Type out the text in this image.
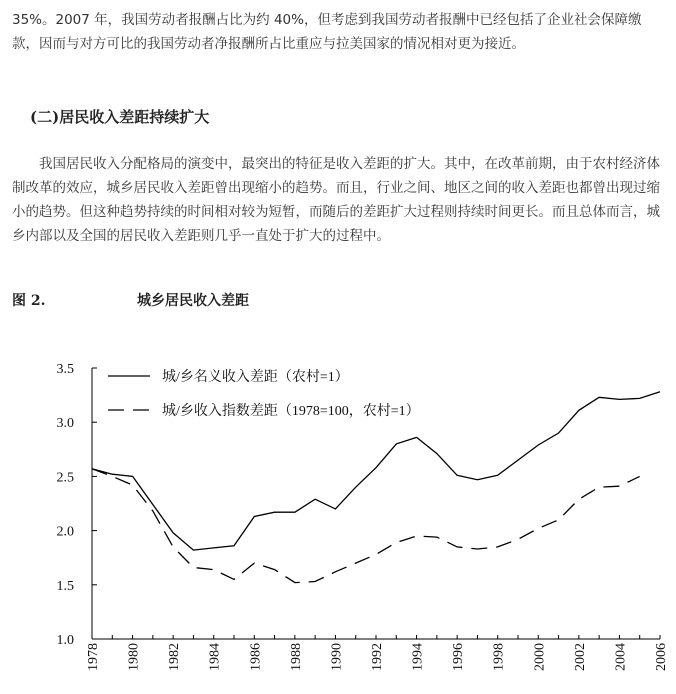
35%。2007 年，我国劳动者报酬占比为约 40%，但考虑到我国劳动者报酬中已经包括了企业社会保障缴款，因而与对方可比的我国劳动者净报酬所占比重应与拉美国家的情况相对更为接近。
(二)居民收入差距持续扩大
我国居民收入分配格局的演变中，最突出的特征是收入差距的扩大。其中，在改革前期，由于农村经济体制改革的效应，城乡居民收入差距曾出现缩小的趋势。而且，行业之间、地区之间的收入差距也都曾出现过缩小的趋势。但这种趋势持续的时间相对较为短暂，而随后的差距扩大过程则持续时间更长。而且总体而言，城乡内部以及全国的居民收入差距则几乎一直处于扩大的过程中。
图 2.	城乡居民收入差距
1.0
1.5
2.0
2.5
3.0
3.5
1978 1980 1982 1984 1986 1988 1990 1992 1994 1996 1998 2000 2002 2004 2006
城/乡名义收入差距（农村=1）
城/乡收入指数差距（1978=100，农村=1）
